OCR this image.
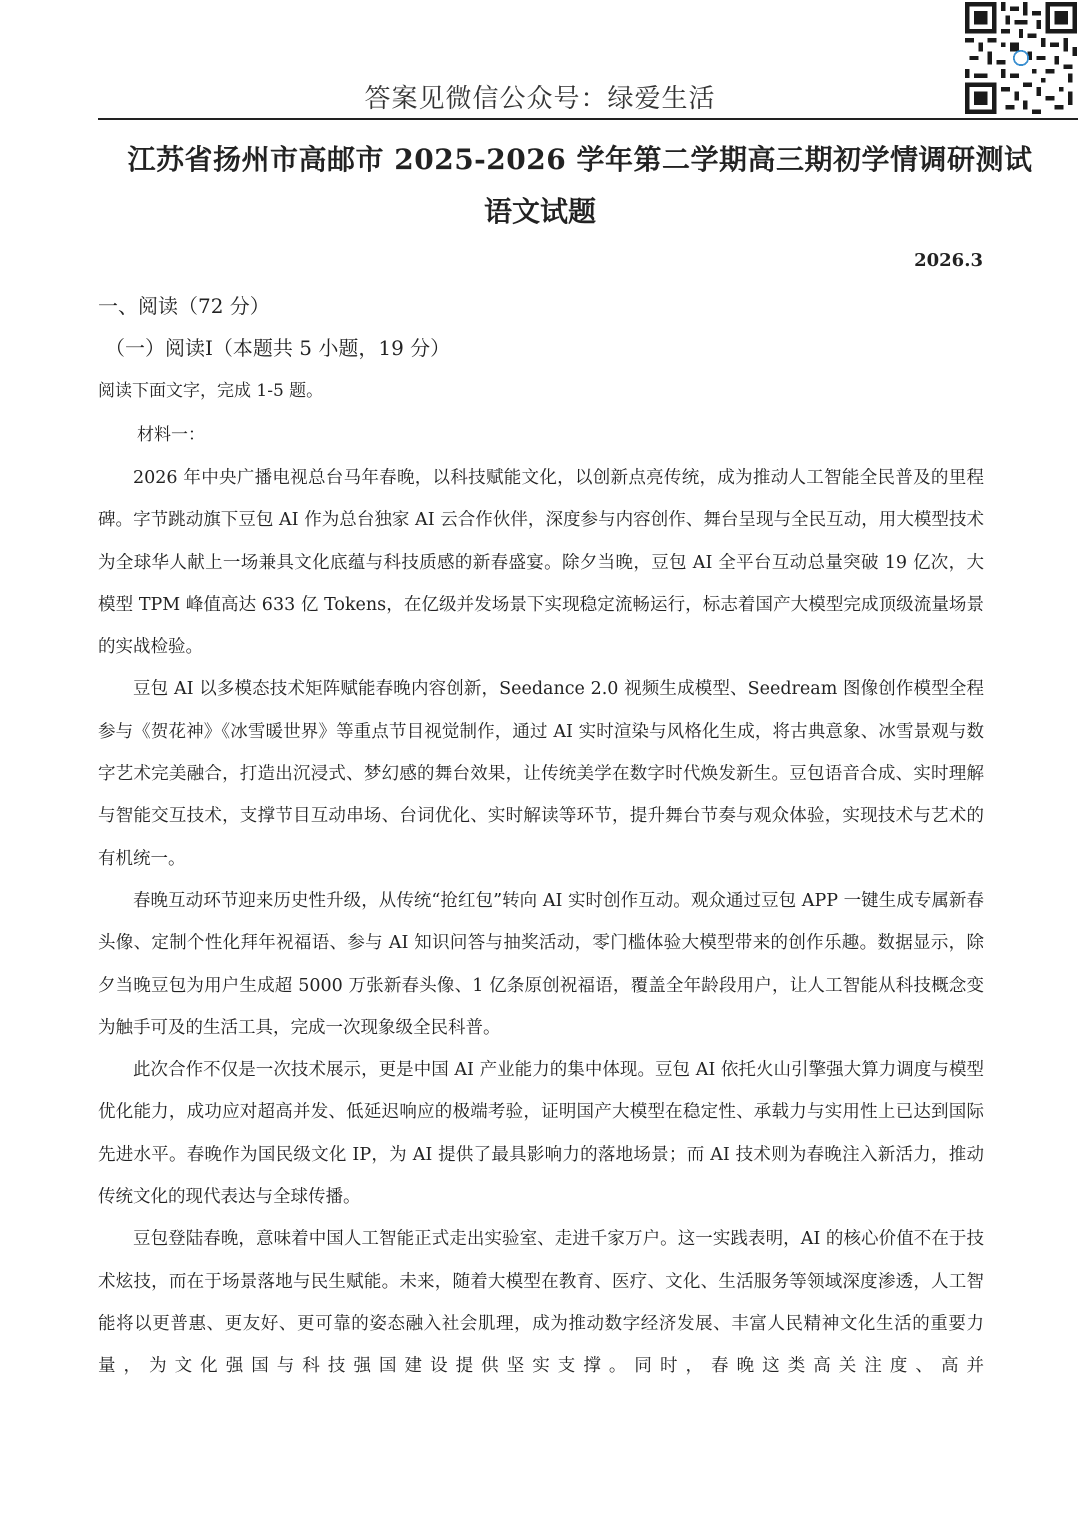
答案见微信公众号：绿爱生活
江苏省扬州市高邮市 2025-2026 学年第二学期高三期初学情调研测试
语文试题
2026.3
一、阅读（72 分）
（一）阅读Ⅰ（本题共 5 小题，19 分）
阅读下面文字，完成 1-5 题。
材料一：

2026 年中央广播电视总台马年春晚，以科技赋能文化，以创新点亮传统，成为推动人工智能全民普及的里程碑。字节跳动旗下豆包 AI 作为总台独家 AI 云合作伙伴，深度参与内容创作、舞台呈现与全民互动，用大模型技术为全球华人献上一场兼具文化底蕴与科技质感的新春盛宴。除夕当晚，豆包 AI 全平台互动总量突破 19 亿次，大模型 TPM 峰值高达 633 亿 Tokens，在亿级并发场景下实现稳定流畅运行，标志着国产大模型完成顶级流量场景的实战检验。

豆包 AI 以多模态技术矩阵赋能春晚内容创新，Seedance 2.0 视频生成模型、Seedream 图像创作模型全程参与《贺花神》《冰雪暖世界》等重点节目视觉制作，通过 AI 实时渲染与风格化生成，将古典意象、冰雪景观与数字艺术完美融合，打造出沉浸式、梦幻感的舞台效果，让传统美学在数字时代焕发新生。豆包语音合成、实时理解与智能交互技术，支撑节目互动串场、台词优化、实时解读等环节，提升舞台节奏与观众体验，实现技术与艺术的有机统一。

春晚互动环节迎来历史性升级，从传统“抢红包”转向 AI 实时创作互动。观众通过豆包 APP 一键生成专属新春头像、定制个性化拜年祝福语、参与 AI 知识问答与抽奖活动，零门槛体验大模型带来的创作乐趣。数据显示，除夕当晚豆包为用户生成超 5000 万张新春头像、1 亿条原创祝福语，覆盖全年龄段用户，让人工智能从科技概念变为触手可及的生活工具，完成一次现象级全民科普。

此次合作不仅是一次技术展示，更是中国 AI 产业能力的集中体现。豆包 AI 依托火山引擎强大算力调度与模型优化能力，成功应对超高并发、低延迟响应的极端考验，证明国产大模型在稳定性、承载力与实用性上已达到国际先进水平。春晚作为国民级文化 IP，为 AI 提供了最具影响力的落地场景；而 AI 技术则为春晚注入新活力，推动传统文化的现代表达与全球传播。

豆包登陆春晚，意味着中国人工智能正式走出实验室、走进千家万户。这一实践表明，AI 的核心价值不在于技术炫技，而在于场景落地与民生赋能。未来，随着大模型在教育、医疗、文化、生活服务等领域深度渗透，人工智能将以更普惠、更友好、更可靠的姿态融入社会肌理，成为推动数字经济发展、丰富人民精神文化生活的重要力量，为文化强国与科技强国建设提供坚实支撑。同时，春晚这类高关注度、高并
